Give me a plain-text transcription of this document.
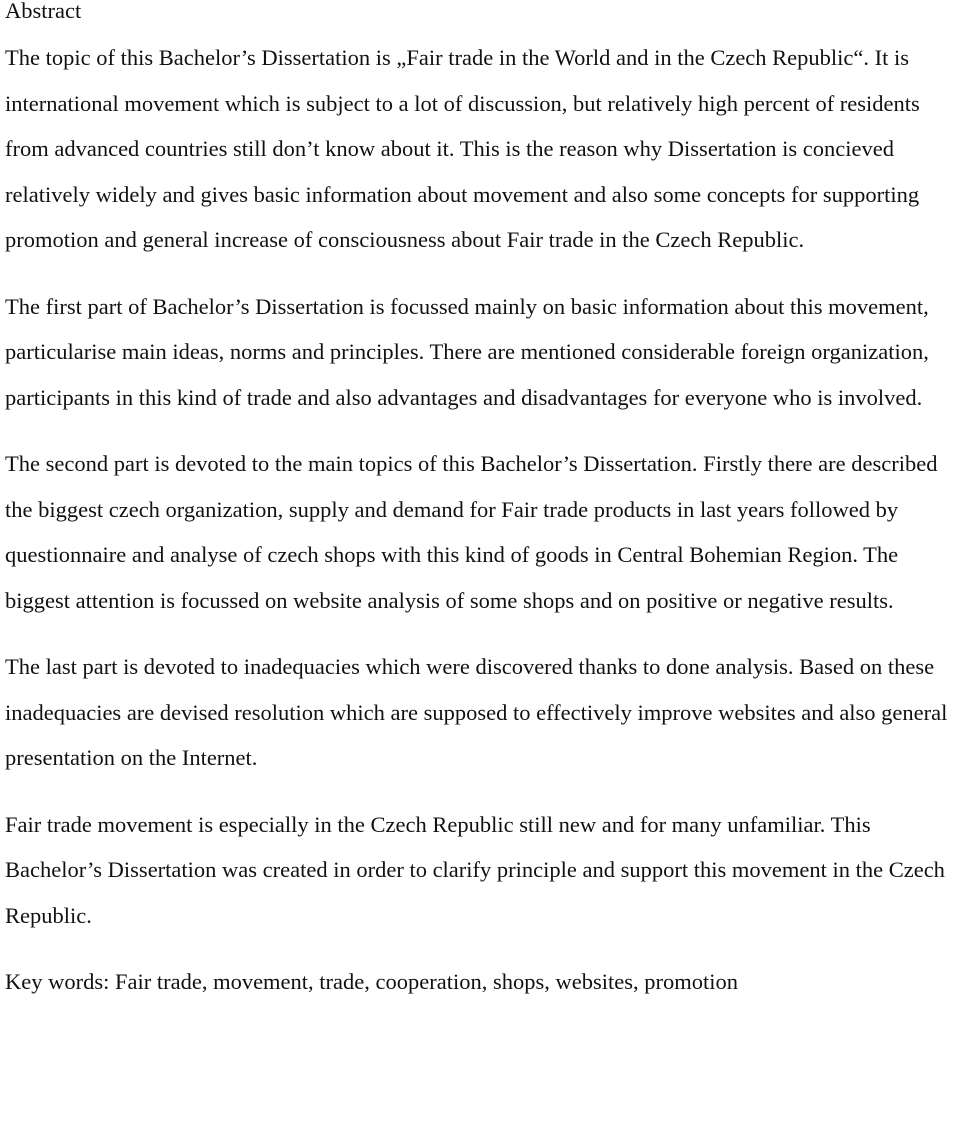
Abstract

The topic of this Bachelor’s Dissertation is „Fair trade in the World and in the Czech Republic“. It is international movement which is subject to a lot of discussion, but relatively high percent of residents from advanced countries still don’t know about it. This is the reason why Dissertation is concieved relatively widely and gives basic information about movement and also some concepts for supporting promotion and general increase of consciousness about Fair trade in the Czech Republic.

The first part of Bachelor’s Dissertation is focussed mainly on basic information about this movement, particularise main ideas, norms and principles. There are mentioned considerable foreign organization, participants in this kind of trade and also advantages and disadvantages for everyone who is involved.

The second part is devoted to the main topics of this Bachelor’s Dissertation. Firstly there are described the biggest czech organization, supply and demand for Fair trade products in last years followed by questionnaire and analyse of czech shops with this kind of goods in Central Bohemian Region. The biggest attention is focussed on website analysis of some shops and on positive or negative results.

The last part is devoted to inadequacies which were discovered thanks to done analysis. Based on these inadequacies are devised resolution which are supposed to effectively improve websites and also general presentation on the Internet.

Fair trade movement is especially in the Czech Republic still new and for many unfamiliar. This Bachelor’s Dissertation was created in order to clarify principle and support this movement in the Czech Republic.

Key words: Fair trade, movement, trade, cooperation, shops, websites, promotion
